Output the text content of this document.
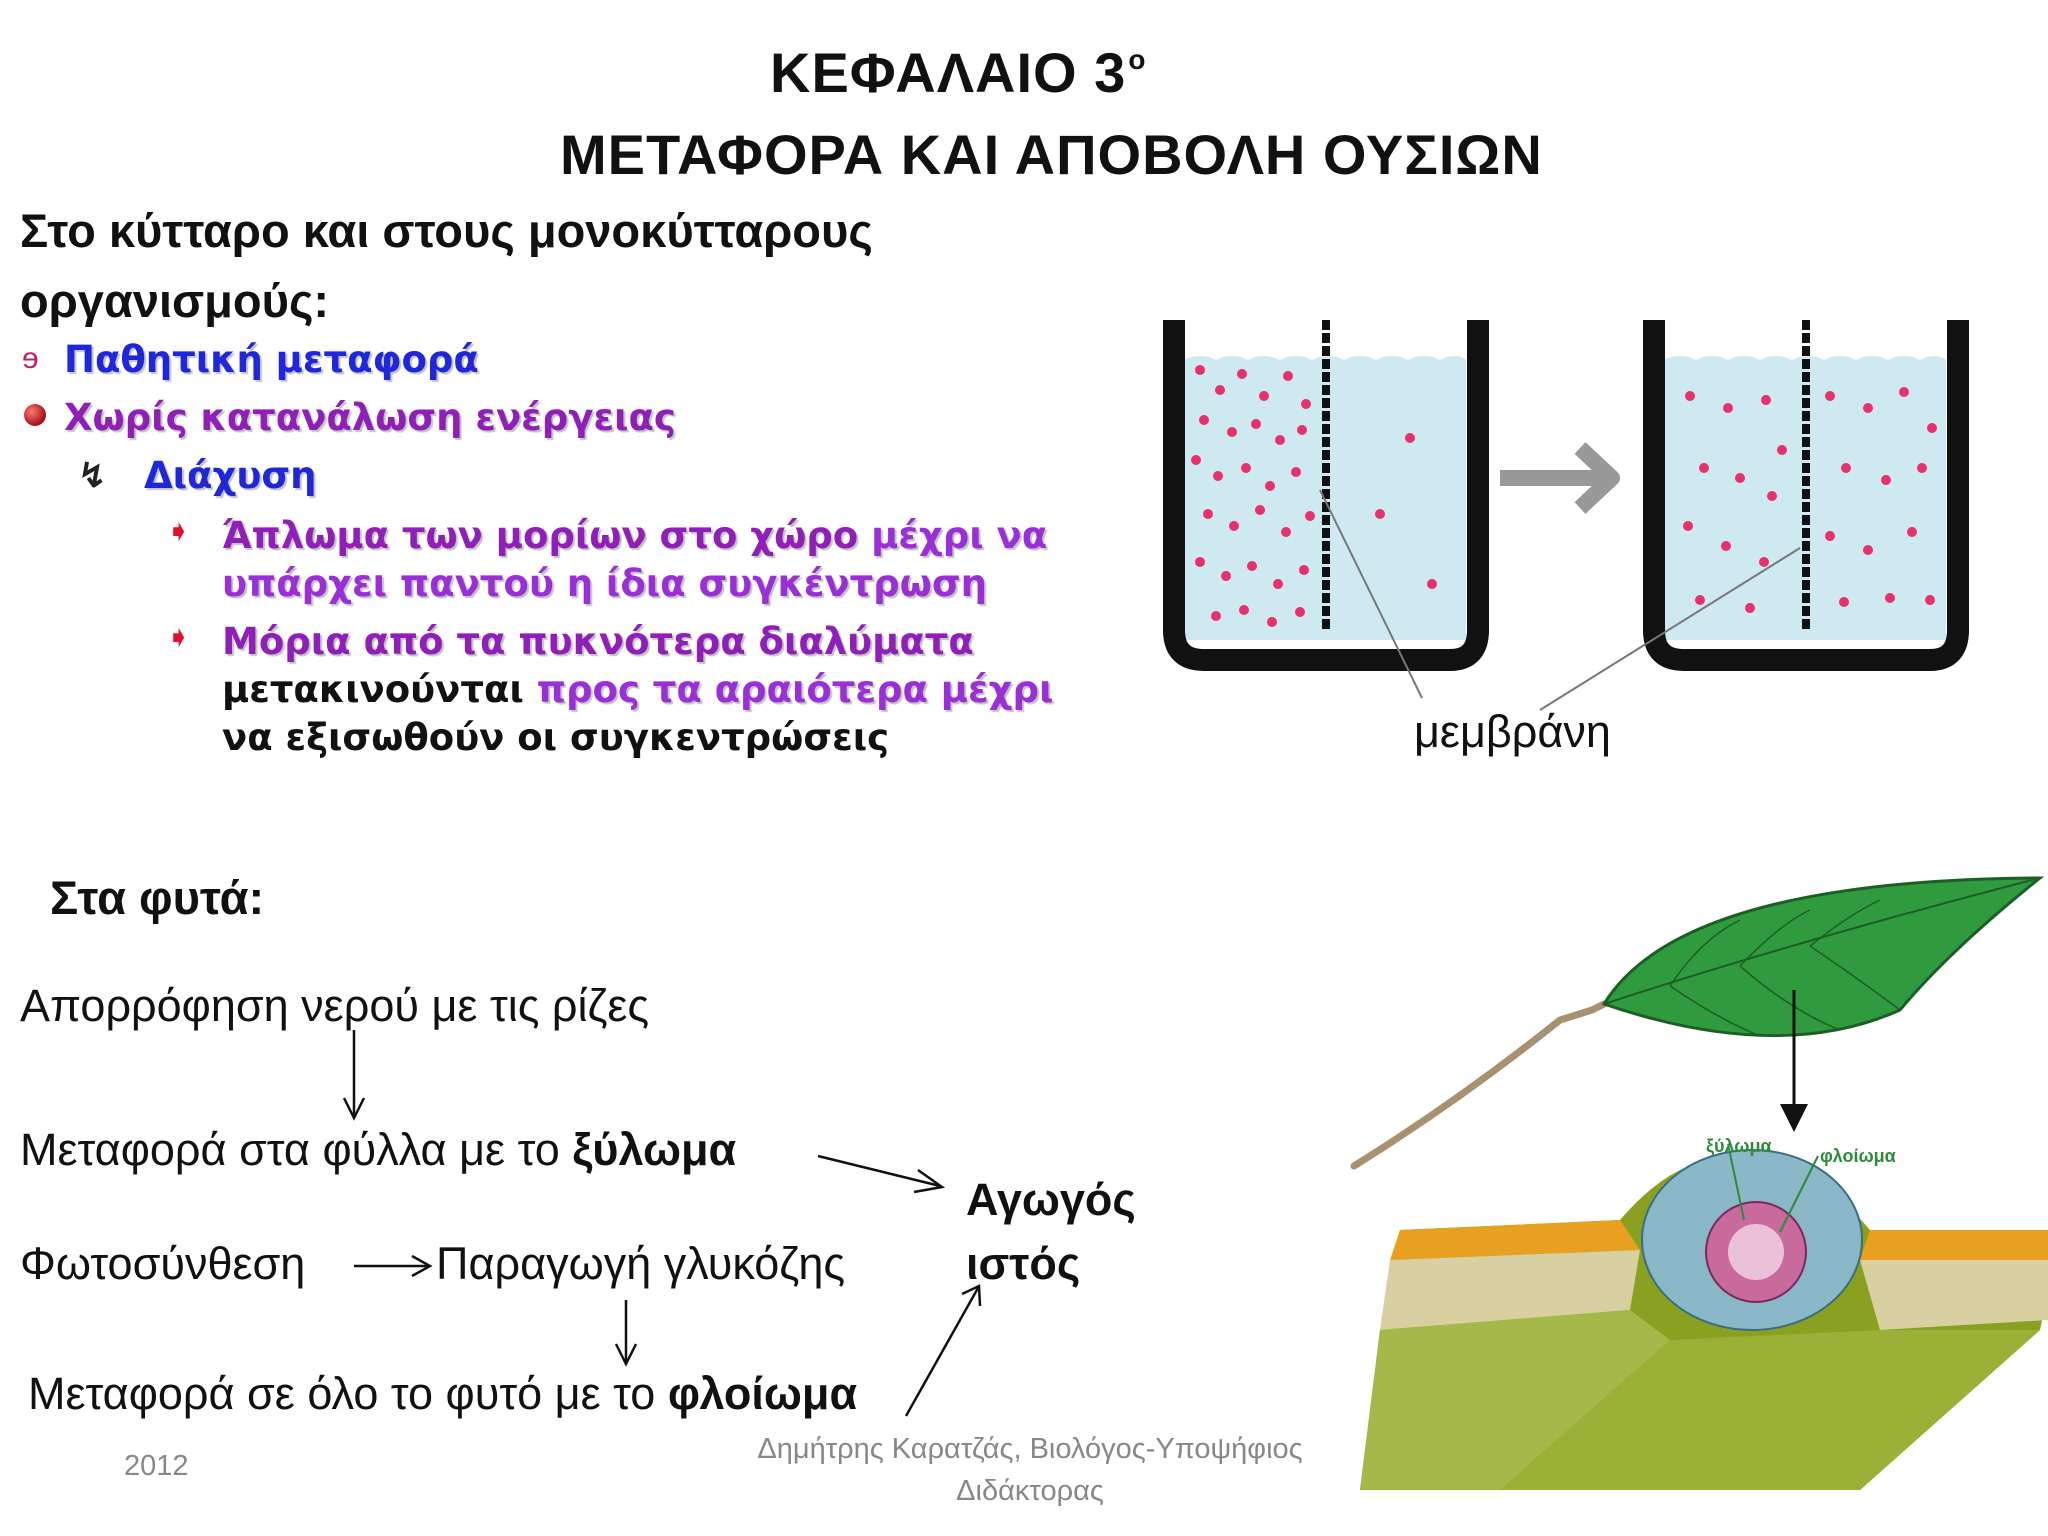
ΚΕΦΑΛΑΙΟ $3^o$
ΜΕΤΑΦΟΡΑ ΚΑΙ ΑΠΟΒΟΛΗ ΟΥΣΙΩΝ
Στο κύτταρο και στους μονοκύτταρους οργανισμούς:
ɘ
↯
➧
➧
Παθητική μεταφορά
Χωρίς κατανάλωση ενέργειας
Διάχυση
Άπλωμα των μορίων στο χώρο μέχρι να
υπάρχει παντού η ίδια συγκέντρωση
Μόρια από τα πυκνότερα διαλύματα
μετακινούνται προς τα αραιότερα μέχρι
να εξισωθούν οι συγκεντρώσεις	μεμβράνη
Στα φυτά:
Απορρόφηση νερού με τις ρίζες
Μεταφορά στα φύλλα με το ξύλωμα
Φωτοσύνθεση	Παραγωγή γλυκόζης
Μεταφορά σε όλο το φυτό με το φλοίωμα
Αγωγός
ιστός
ξύλωμα	φλοίωμα
2012
Δημήτρης Καρατζάς, Βιολόγος-Υποψήφιος
Διδάκτορας
